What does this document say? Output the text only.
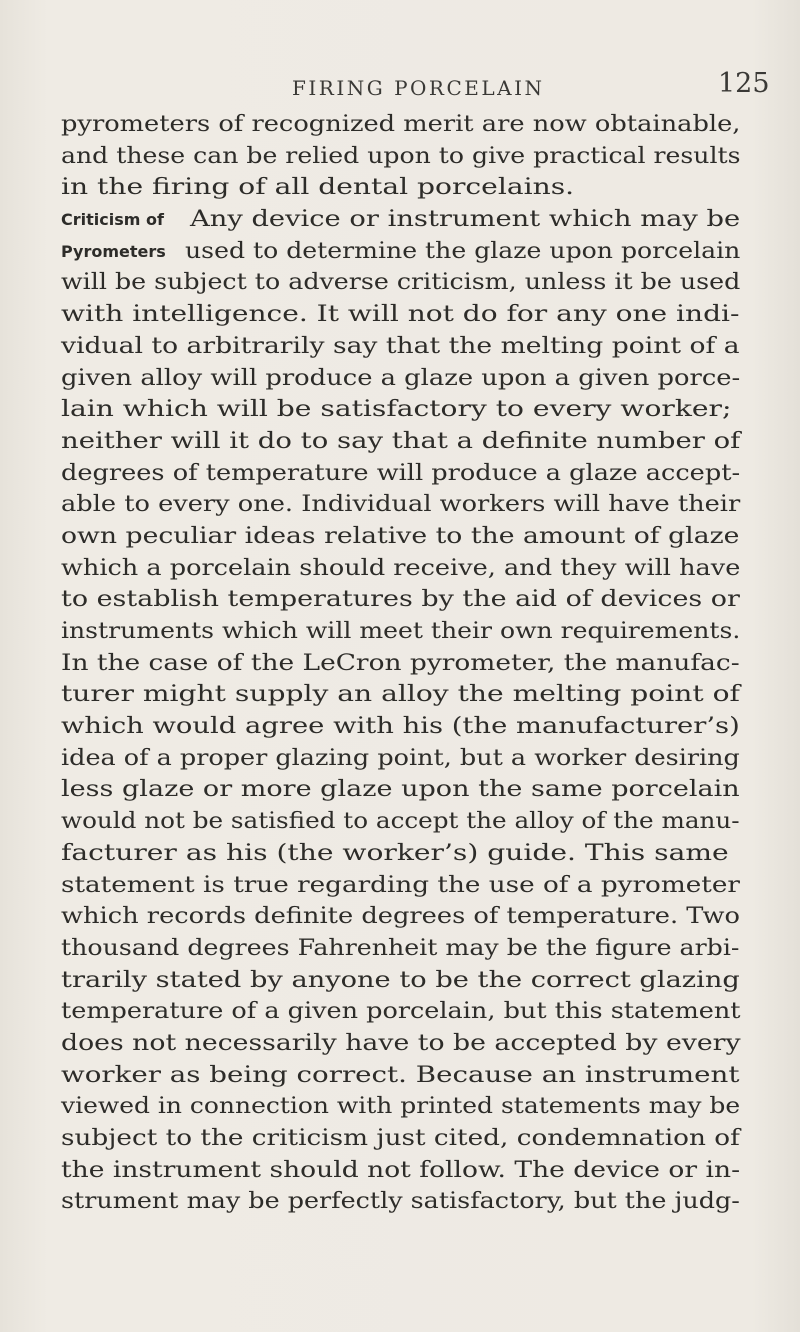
FIRING PORCELAIN	125
pyrometers of recognized merit are now obtainable,
and these can be relied upon to give practical results
in the firing of all dental porcelains.
Criticism of Any device or instrument which may be
Pyrometers used to determine the glaze upon porcelain
will be subject to adverse criticism, unless it be used
with intelligence. It will not do for any one indi-
vidual to arbitrarily say that the melting point of a
given alloy will produce a glaze upon a given porce-
lain which will be satisfactory to every worker;
neither will it do to say that a definite number of
degrees of temperature will produce a glaze accept-
able to every one. Individual workers will have their
own peculiar ideas relative to the amount of glaze
which a porcelain should receive, and they will have
to establish temperatures by the aid of devices or
instruments which will meet their own requirements.
In the case of the LeCron pyrometer, the manufac-
turer might supply an alloy the melting point of
which would agree with his (the manufacturer’s)
idea of a proper glazing point, but a worker desiring
less glaze or more glaze upon the same porcelain
would not be satisfied to accept the alloy of the manu-
facturer as his (the worker’s) guide. This same
statement is true regarding the use of a pyrometer
which records definite degrees of temperature. Two
thousand degrees Fahrenheit may be the figure arbi-
trarily stated by anyone to be the correct glazing
temperature of a given porcelain, but this statement
does not necessarily have to be accepted by every
worker as being correct. Because an instrument
viewed in connection with printed statements may be
subject to the criticism just cited, condemnation of
the instrument should not follow. The device or in-
strument may be perfectly satisfactory, but the judg-
